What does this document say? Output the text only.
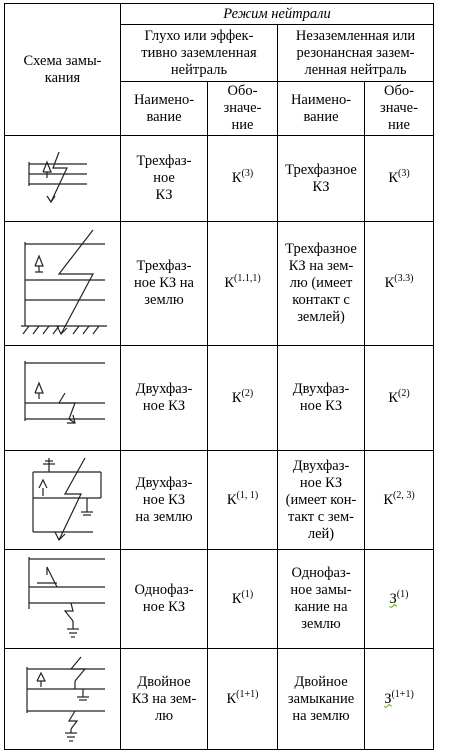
Схема замы-
кания	Режим нейтрали			

	Глухо или эффек-
тивно заземленная
нейтраль		Незаземленная или
резонансная зазем-
ленная нейтраль	

	Наимено-
вание	Обо-
значе-
ние	Наимено-
вание	Обо-
значе-
ние

Трехфаз-
ное
КЗ	$К^{(3)}$	Трехфазное
КЗ	$К^{(3)}$

Трехфаз-
ное КЗ на
землю	$К^{(1.1,1)}$	Трехфазное
КЗ на зем-
лю (имеет
контакт с
землей)	$К^{(3.3)}$

Двухфаз-
ное КЗ	$К^{(2)}$	Двухфаз-
ное КЗ	$К^{(2)}$

Двухфаз-
ное КЗ
на землю	К$^{(1, 1)}$	Двухфаз-
ное КЗ
(имеет кон-
такт с зем-
лей)	К$^{(2, 3)}$

Однофаз-
ное КЗ	$К^{(1)}$	Однофаз-
ное замы-
кание на
землю	$З^{(1)}$

Двойное
КЗ на зем-
лю	$К^{(1+1)}$	Двойное
замыкание
на землю	$З^{(1+1)}$
